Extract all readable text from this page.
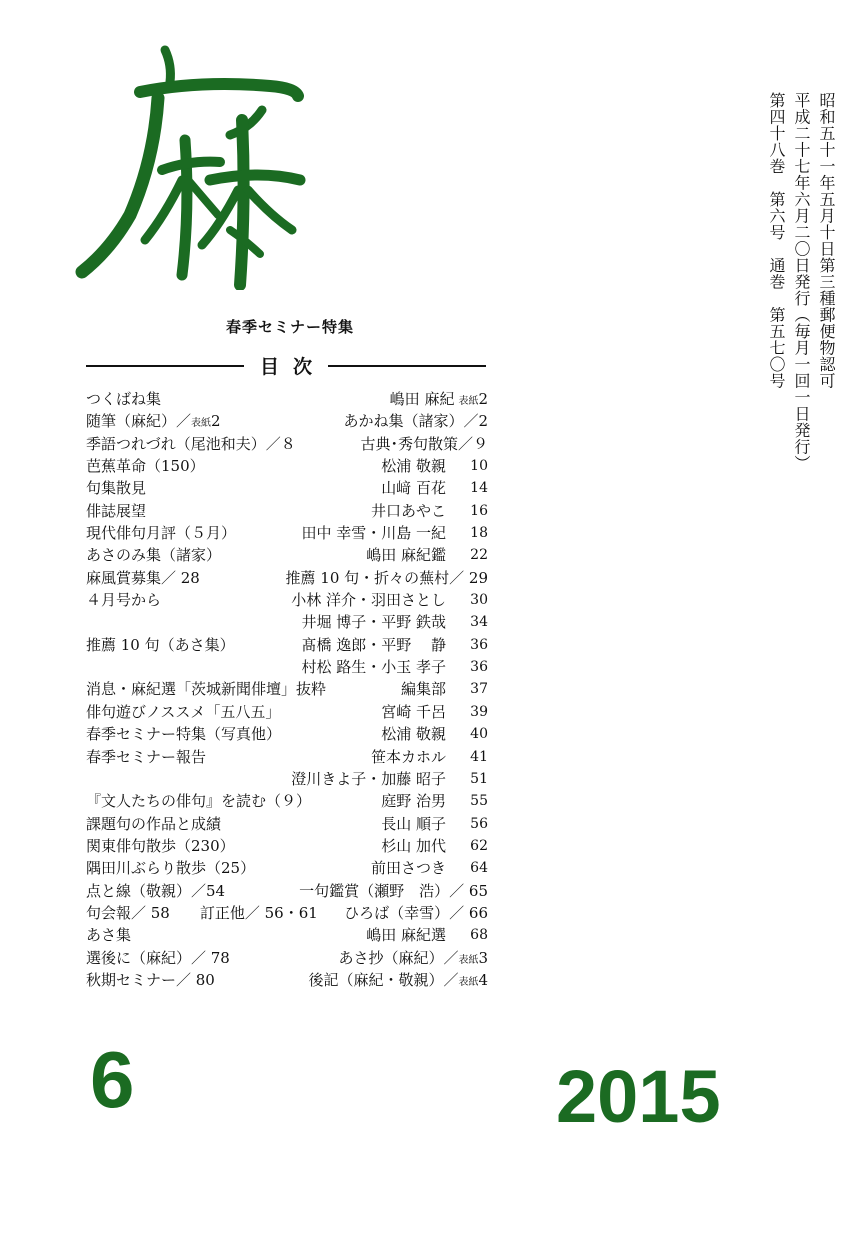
春季セミナー特集
目次
つくばね集	嶋田 麻紀 表紙2
随筆（麻紀）／表紙2	あかね集（諸家）／2
季語つれづれ（尾池和夫）／８	古典･秀句散策／９
芭蕉革命（150）	松浦 敬親	10
句集散見	山﨑 百花	14
俳誌展望	井口あやこ	16
現代俳句月評（５月）	田中 幸雪・川島 一紀	18
あさのみ集（諸家）	嶋田 麻紀鑑	22
麻風賞募集／ 28	推薦 10 句・折々の蕪村／ 29
４月号から	小林 洋介・羽田さとし	30
井堀 博子・平野 鉄哉	34
推薦 10 句（あさ集）	髙橋 逸郎・平野　 静	36
村松 路生・小玉 孝子	36
消息・麻紀選「茨城新聞俳壇」抜粋	編集部	37
俳句遊びノススメ「五八五」	宮崎 千呂	39
春季セミナー特集（写真他）	松浦 敬親	40
春季セミナー報告	笹本カホル	41
澄川きよ子・加藤 昭子	51
『文人たちの俳句』を読む（９）	庭野 治男	55
課題句の作品と成績	長山 順子	56
関東俳句散歩（230）	杉山 加代	62
隅田川ぶらり散歩（25）	前田さつき	64
点と線（敬親）／54	一句鑑賞（瀬野　浩）／ 65
句会報／ 58　　訂正他／ 56・61 ひろば（幸雪）／ 66
あさ集	嶋田 麻紀選	68
選後に（麻紀）／ 78	あさ抄（麻紀）／表紙3
秋期セミナー／ 80	後記（麻紀・敬親）／表紙4
昭和五十一年五月十日第三種郵便物認可
平成二十七年六月二〇日発行（毎月一回一日発行）
第四十八巻　第六号　通巻　第五七〇号
6	2015
